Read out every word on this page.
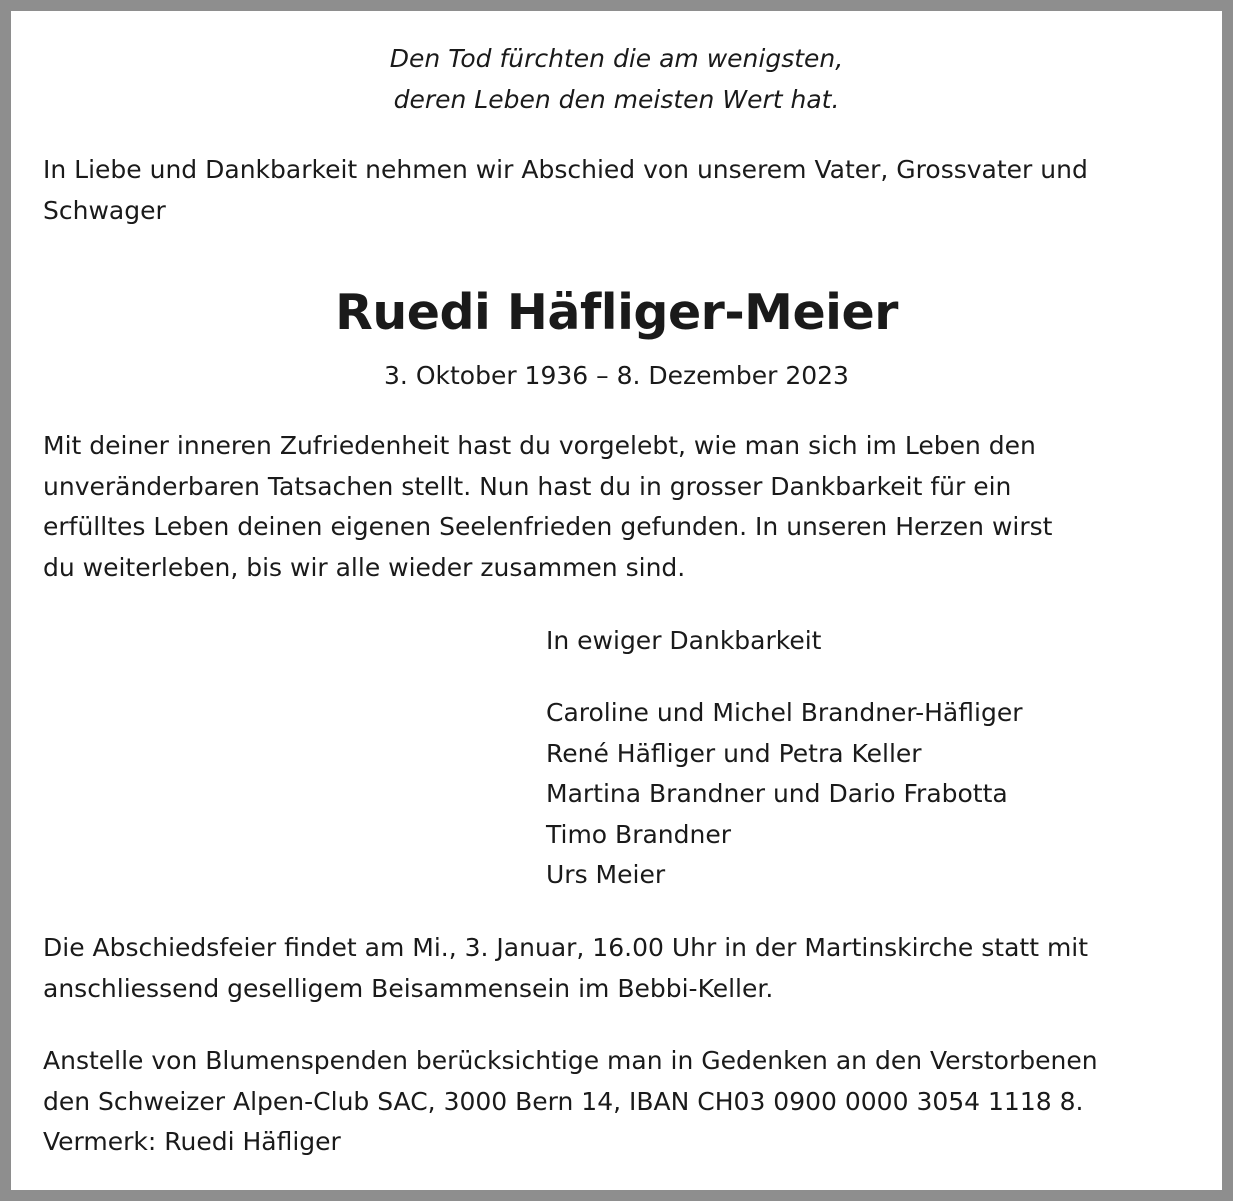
Den Tod fürchten die am wenigsten,
deren Leben den meisten Wert hat.
In Liebe und Dankbarkeit nehmen wir Abschied von unserem Vater, Grossvater und
Schwager
Ruedi Häfliger-Meier
3. Oktober 1936 – 8. Dezember 2023
Mit deiner inneren Zufriedenheit hast du vorgelebt, wie man sich im Leben den
unveränderbaren Tatsachen stellt. Nun hast du in grosser Dankbarkeit für ein
erfülltes Leben deinen eigenen Seelenfrieden gefunden. In unseren Herzen wirst
du weiterleben, bis wir alle wieder zusammen sind.
In ewiger Dankbarkeit
Caroline und Michel Brandner-Häfliger
René Häfliger und Petra Keller
Martina Brandner und Dario Frabotta
Timo Brandner
Urs Meier
Die Abschiedsfeier findet am Mi., 3. Januar, 16.00 Uhr in der Martinskirche statt mit
anschliessend geselligem Beisammensein im Bebbi-Keller.
Anstelle von Blumenspenden berücksichtige man in Gedenken an den Verstorbenen
den Schweizer Alpen-Club SAC, 3000 Bern 14, IBAN CH03 0900 0000 3054 1118 8.
Vermerk: Ruedi Häfliger
